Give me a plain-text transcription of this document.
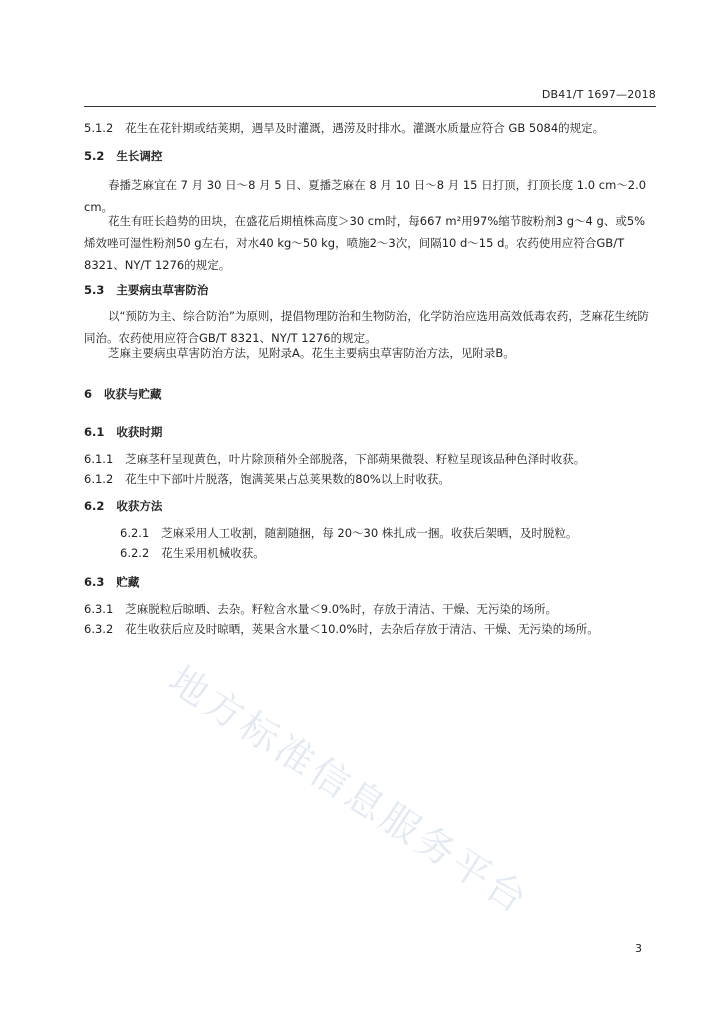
DB41/T 1697—2018
5.1.2 花生在花针期或结荚期，遇旱及时灌溉，遇涝及时排水。灌溉水质量应符合 GB 5084的规定。
5.2 生长调控
春播芝麻宜在 7 月 30 日～8 月 5 日、夏播芝麻在 8 月 10 日～8 月 15 日打顶，打顶长度 1.0 cm～2.0 cm。
花生有旺长趋势的田块，在盛花后期植株高度＞30 cm时，每667 m²用97%缩节胺粉剂3 g～4 g、或5%烯效唑可湿性粉剂50 g左右，对水40 kg～50 kg，喷施2～3次，间隔10 d～15 d。农药使用应符合GB/T 8321、NY/T 1276的规定。
5.3 主要病虫草害防治
以“预防为主、综合防治”为原则，提倡物理防治和生物防治，化学防治应选用高效低毒农药，芝麻花生统防同治。农药使用应符合GB/T 8321、NY/T 1276的规定。
芝麻主要病虫草害防治方法，见附录A。花生主要病虫草害防治方法，见附录B。
6 收获与贮藏
6.1 收获时期
6.1.1 芝麻茎秆呈现黄色，叶片除顶稍外全部脱落，下部蒴果微裂、籽粒呈现该品种色泽时收获。
6.1.2 花生中下部叶片脱落，饱满荚果占总荚果数的80%以上时收获。
6.2 收获方法
6.2.1 芝麻采用人工收割，随割随捆，每 20～30 株扎成一捆。收获后架晒，及时脱粒。
6.2.2 花生采用机械收获。
6.3 贮藏
6.3.1 芝麻脱粒后晾晒、去杂。籽粒含水量＜9.0%时，存放于清洁、干燥、无污染的场所。
6.3.2 花生收获后应及时晾晒，荚果含水量＜10.0%时，去杂后存放于清洁、干燥、无污染的场所。
地方标准信息服务平台
3
